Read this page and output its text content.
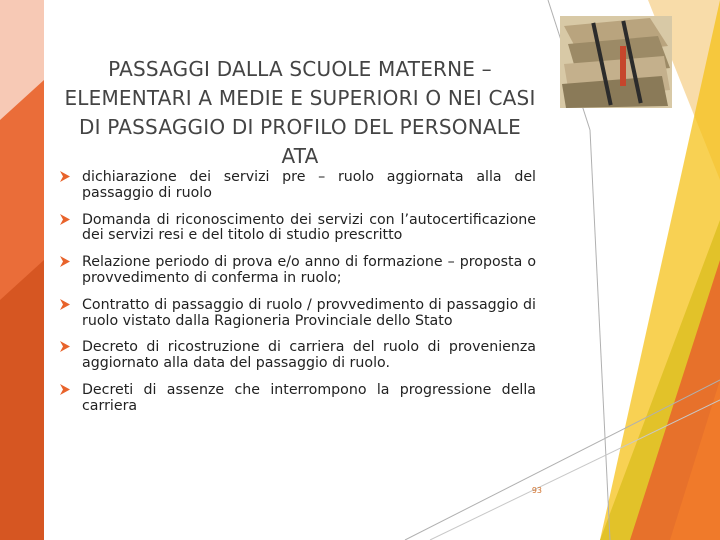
PASSAGGI DALLA SCUOLE MATERNE –
ELEMENTARI A MEDIE E SUPERIORI O NEI CASI
DI PASSAGGIO DI PROFILO DEL PERSONALE
ATA
dichiarazione dei servizi pre – ruolo aggiornata alla del passaggio di ruolo
Domanda di riconoscimento dei servizi con l’autocertificazione dei servizi resi e del titolo di studio prescritto
Relazione periodo di prova e/o anno di formazione – proposta o provvedimento di conferma in ruolo;
Contratto di passaggio di ruolo / provvedimento di passaggio di ruolo vistato dalla Ragioneria Provinciale dello Stato
Decreto di ricostruzione di carriera del ruolo di provenienza aggiornato alla data del passaggio di ruolo.
Decreti di assenze che interrompono la progressione della carriera
93
